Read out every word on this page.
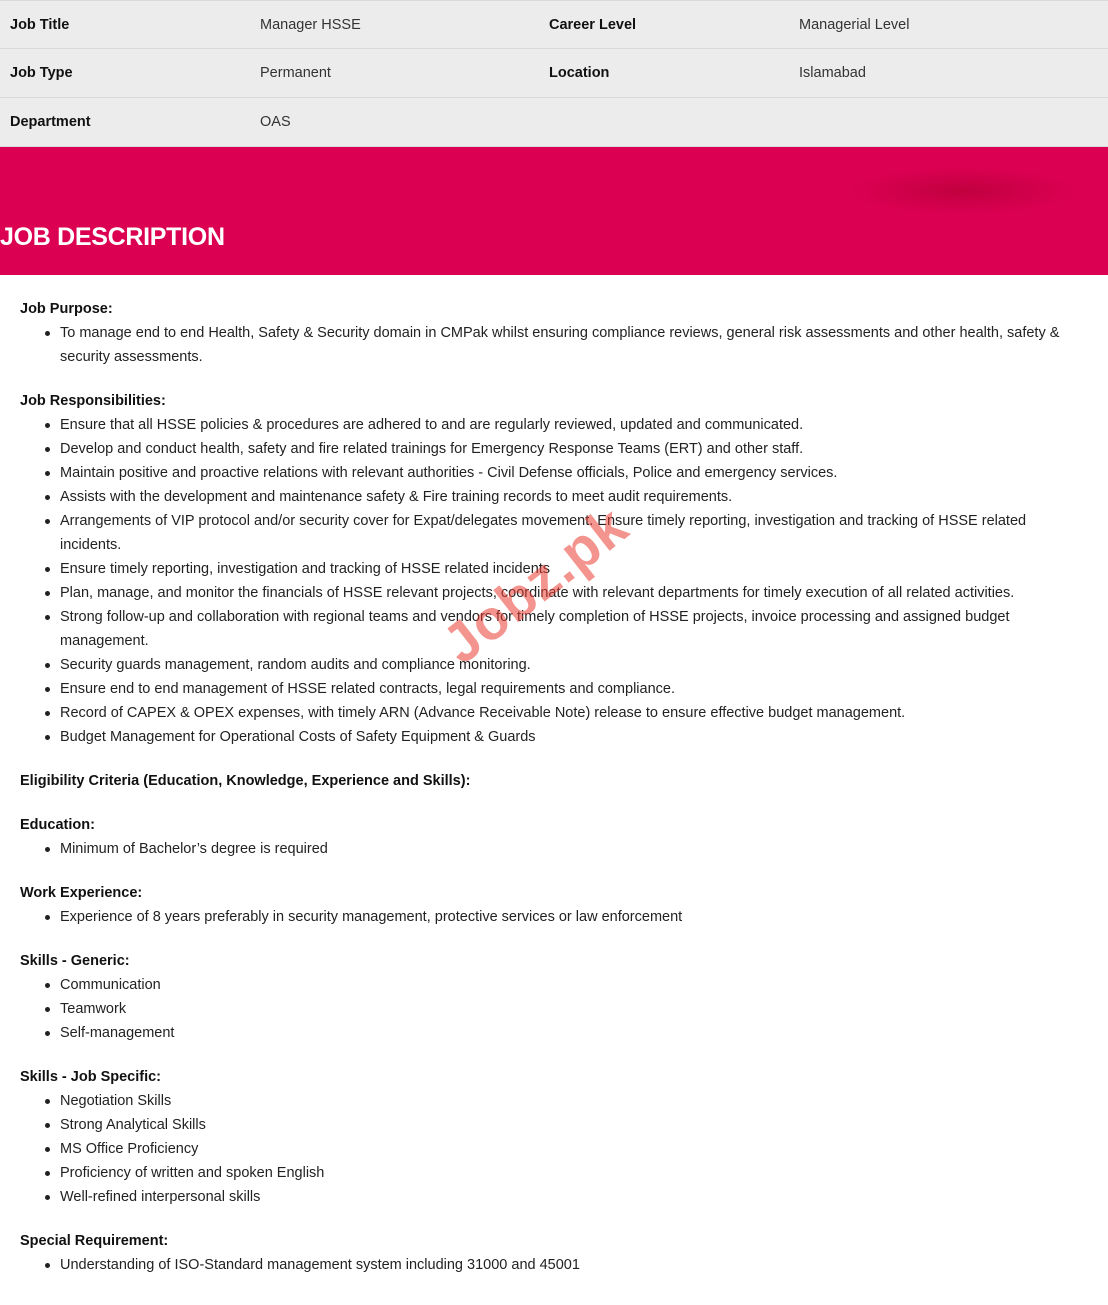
Job Title	Manager HSSE	Career Level	Managerial Level
Job Type	Permanent	Location	Islamabad
Department	OAS
JOB DESCRIPTION
Job Purpose:
To manage end to end Health, Safety & Security domain in CMPak whilst ensuring compliance reviews, general risk assessments and other health, safety & security assessments.
Job Responsibilities:
Ensure that all HSSE policies & procedures are adhered to and are regularly reviewed, updated and communicated.
Develop and conduct health, safety and fire related trainings for Emergency Response Teams (ERT) and other staff.
Maintain positive and proactive relations with relevant authorities - Civil Defense officials, Police and emergency services.
Assists with the development and maintenance safety & Fire training records to meet audit requirements.
Arrangements of VIP protocol and/or security cover for Expat/delegates movement. Ensure timely reporting, investigation and tracking of HSSE related incidents.
Ensure timely reporting, investigation and tracking of HSSE related incidents
Plan, manage, and monitor the financials of HSSE relevant projects, coordinate with relevant departments for timely execution of all related activities.
Strong follow-up and collaboration with regional teams and vendors for timely completion of HSSE projects, invoice processing and assigned budget management.
Security guards management, random audits and compliance monitoring.
Ensure end to end management of HSSE related contracts, legal requirements and compliance.
Record of CAPEX & OPEX expenses, with timely ARN (Advance Receivable Note) release to ensure effective budget management.
Budget Management for Operational Costs of Safety Equipment & Guards
Eligibility Criteria (Education, Knowledge, Experience and Skills):
Education:
Minimum of Bachelor’s degree is required
Work Experience:
Experience of 8 years preferably in security management, protective services or law enforcement
Skills - Generic:
Communication
Teamwork
Self-management
Skills - Job Specific:
Negotiation Skills
Strong Analytical Skills
MS Office Proficiency
Proficiency of written and spoken English
Well-refined interpersonal skills
Special Requirement:
Understanding of ISO-Standard management system including 31000 and 45001
Jobz.pk
